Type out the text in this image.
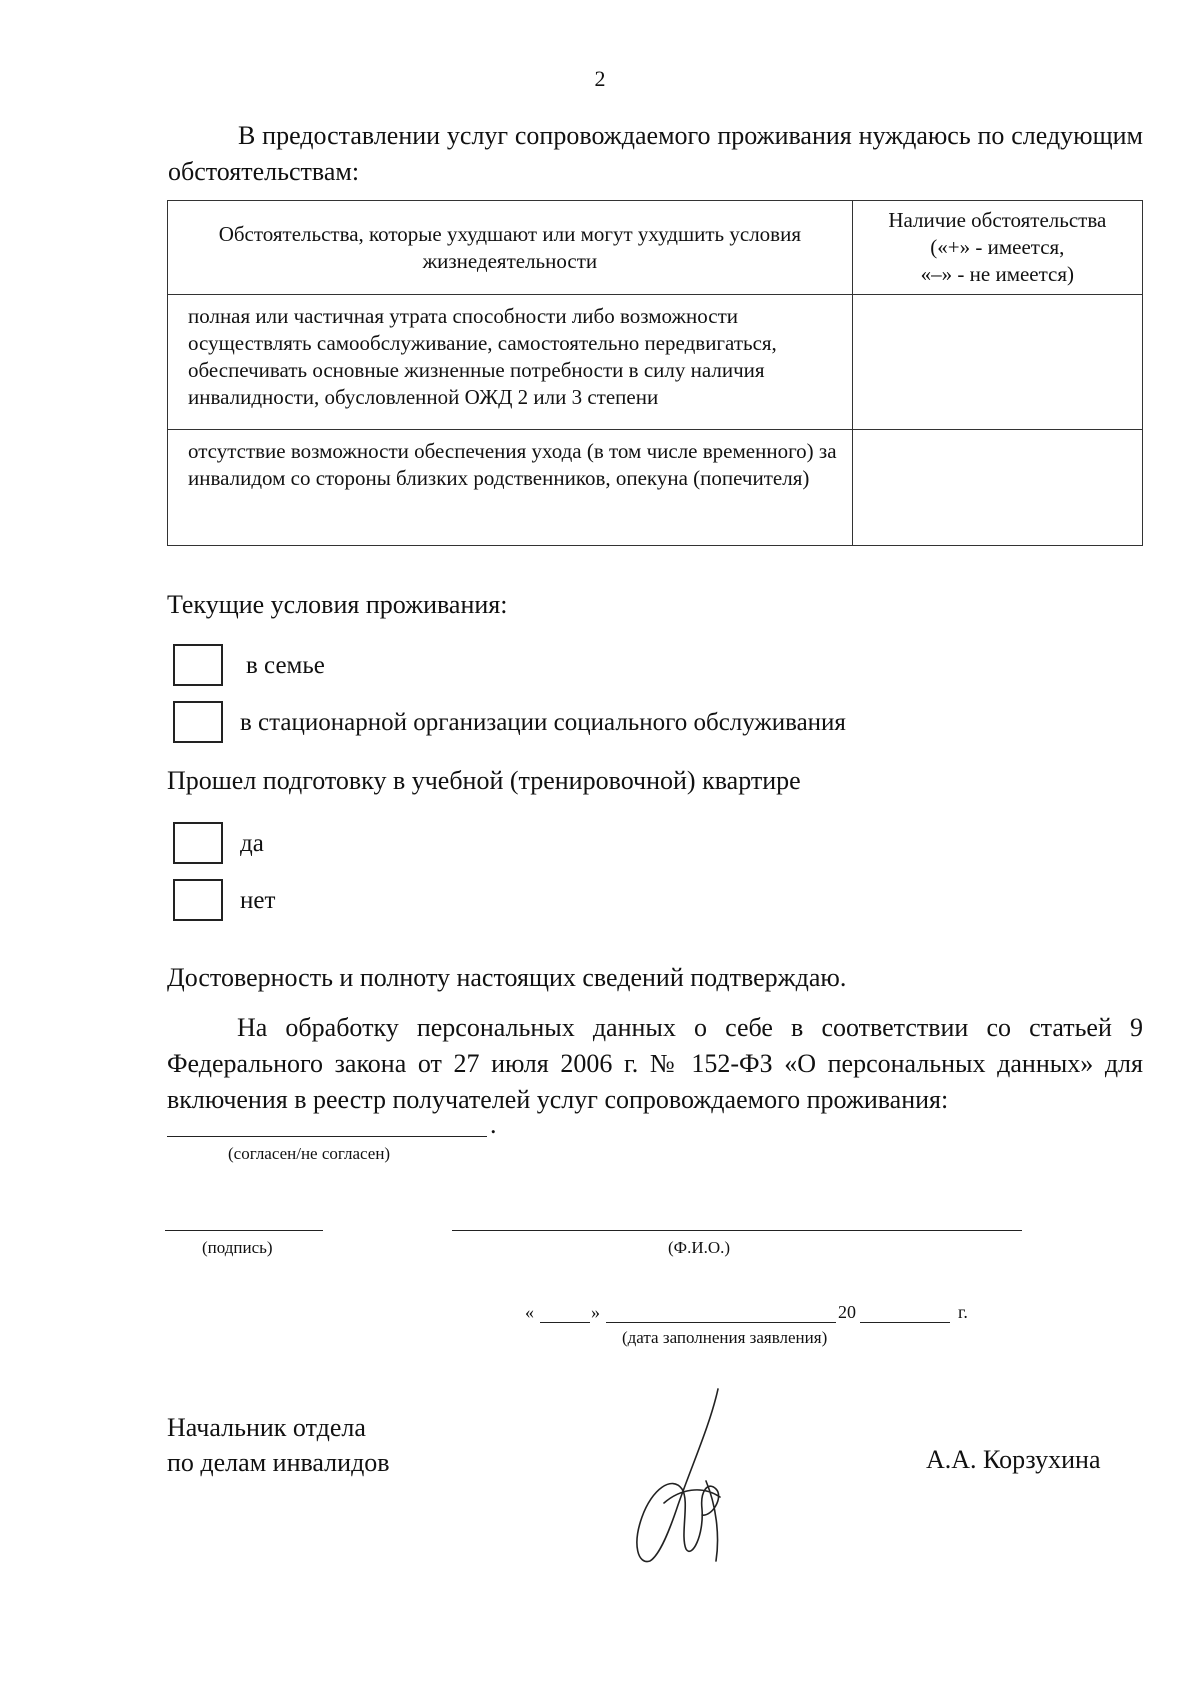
2
В предоставлении услуг сопровождаемого проживания нуждаюсь по следующим обстоятельствам:
Обстоятельства, которые ухудшают или могут ухудшить условия жизнедеятельности	Наличие обстоятельства
(«+» - имеется,
«–» - не имеется)

полная или частичная утрата способности либо возможности осуществлять самообслуживание, самостоятельно передвигаться, обеспечивать основные жизненные потребности в силу наличия инвалидности, обусловленной ОЖД 2 или 3 степени	
отсутствие возможности обеспечения ухода (в том числе временного) за инвалидом со стороны близких родственников, опекуна (попечителя)	
Текущие условия проживания:
в семье
в стационарной организации социального обслуживания
Прошел подготовку в учебной (тренировочной) квартире
да
нет
Достоверность и полноту настоящих сведений подтверждаю.
На обработку персональных данных о себе в соответствии со статьей 9 Федерального закона от 27 июля 2006 г. № 152-ФЗ «О персональных данных» для включения в реестр получателей услуг сопровождаемого проживания:
.
(согласен/не согласен)
(подпись)	(Ф.И.О.)
«	»	20	г.
(дата заполнения заявления)
Начальник отдела
по делам инвалидов	А.А. Корзухина
